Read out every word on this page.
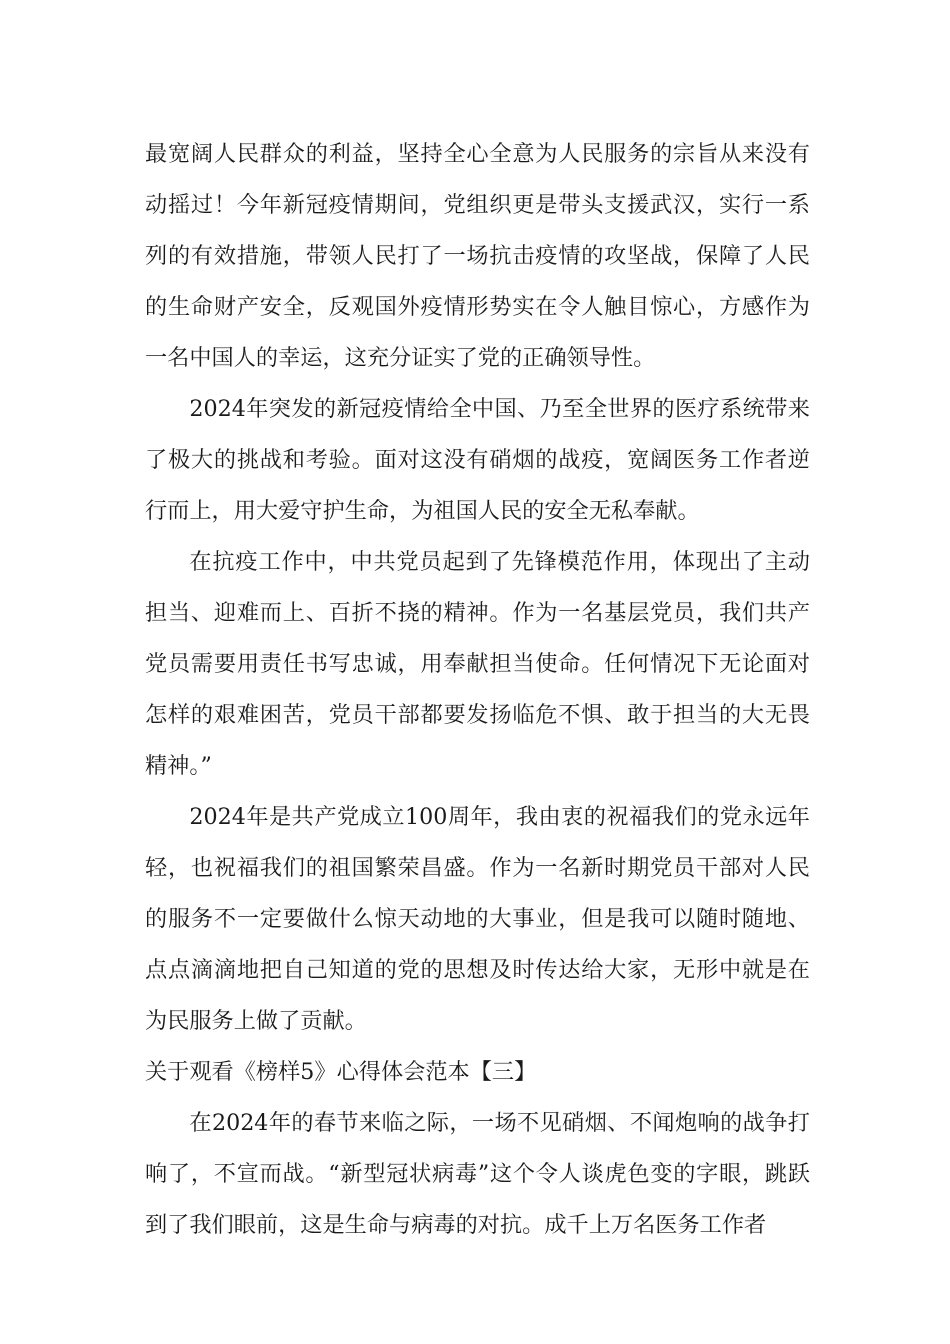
最宽阔人民群众的利益，坚持全心全意为人民服务的宗旨从来没有动摇过！今年新冠疫情期间，党组织更是带头支援武汉，实行一系列的有效措施，带领人民打了一场抗击疫情的攻坚战，保障了人民的生命财产安全，反观国外疫情形势实在令人触目惊心，方感作为一名中国人的幸运，这充分证实了党的正确领导性。

2024年突发的新冠疫情给全中国、乃至全世界的医疗系统带来了极大的挑战和考验。面对这没有硝烟的战疫，宽阔医务工作者逆行而上，用大爱守护生命，为祖国人民的安全无私奉献。

在抗疫工作中，中共党员起到了先锋模范作用，体现出了主动担当、迎难而上、百折不挠的精神。作为一名基层党员，我们共产党员需要用责任书写忠诚，用奉献担当使命。任何情况下无论面对怎样的艰难困苦，党员干部都要发扬临危不惧、敢于担当的大无畏精神。”

2024年是共产党成立100周年，我由衷的祝福我们的党永远年轻，也祝福我们的祖国繁荣昌盛。作为一名新时期党员干部对人民的服务不一定要做什么惊天动地的大事业，但是我可以随时随地、点点滴滴地把自己知道的党的思想及时传达给大家，无形中就是在为民服务上做了贡献。

关于观看《榜样5》心得体会范本【三】

在2024年的春节来临之际，一场不见硝烟、不闻炮响的战争打响了，不宣而战。“新型冠状病毒”这个令人谈虎色变的字眼，跳跃到了我们眼前，这是生命与病毒的对抗。成千上万名医务工作者
